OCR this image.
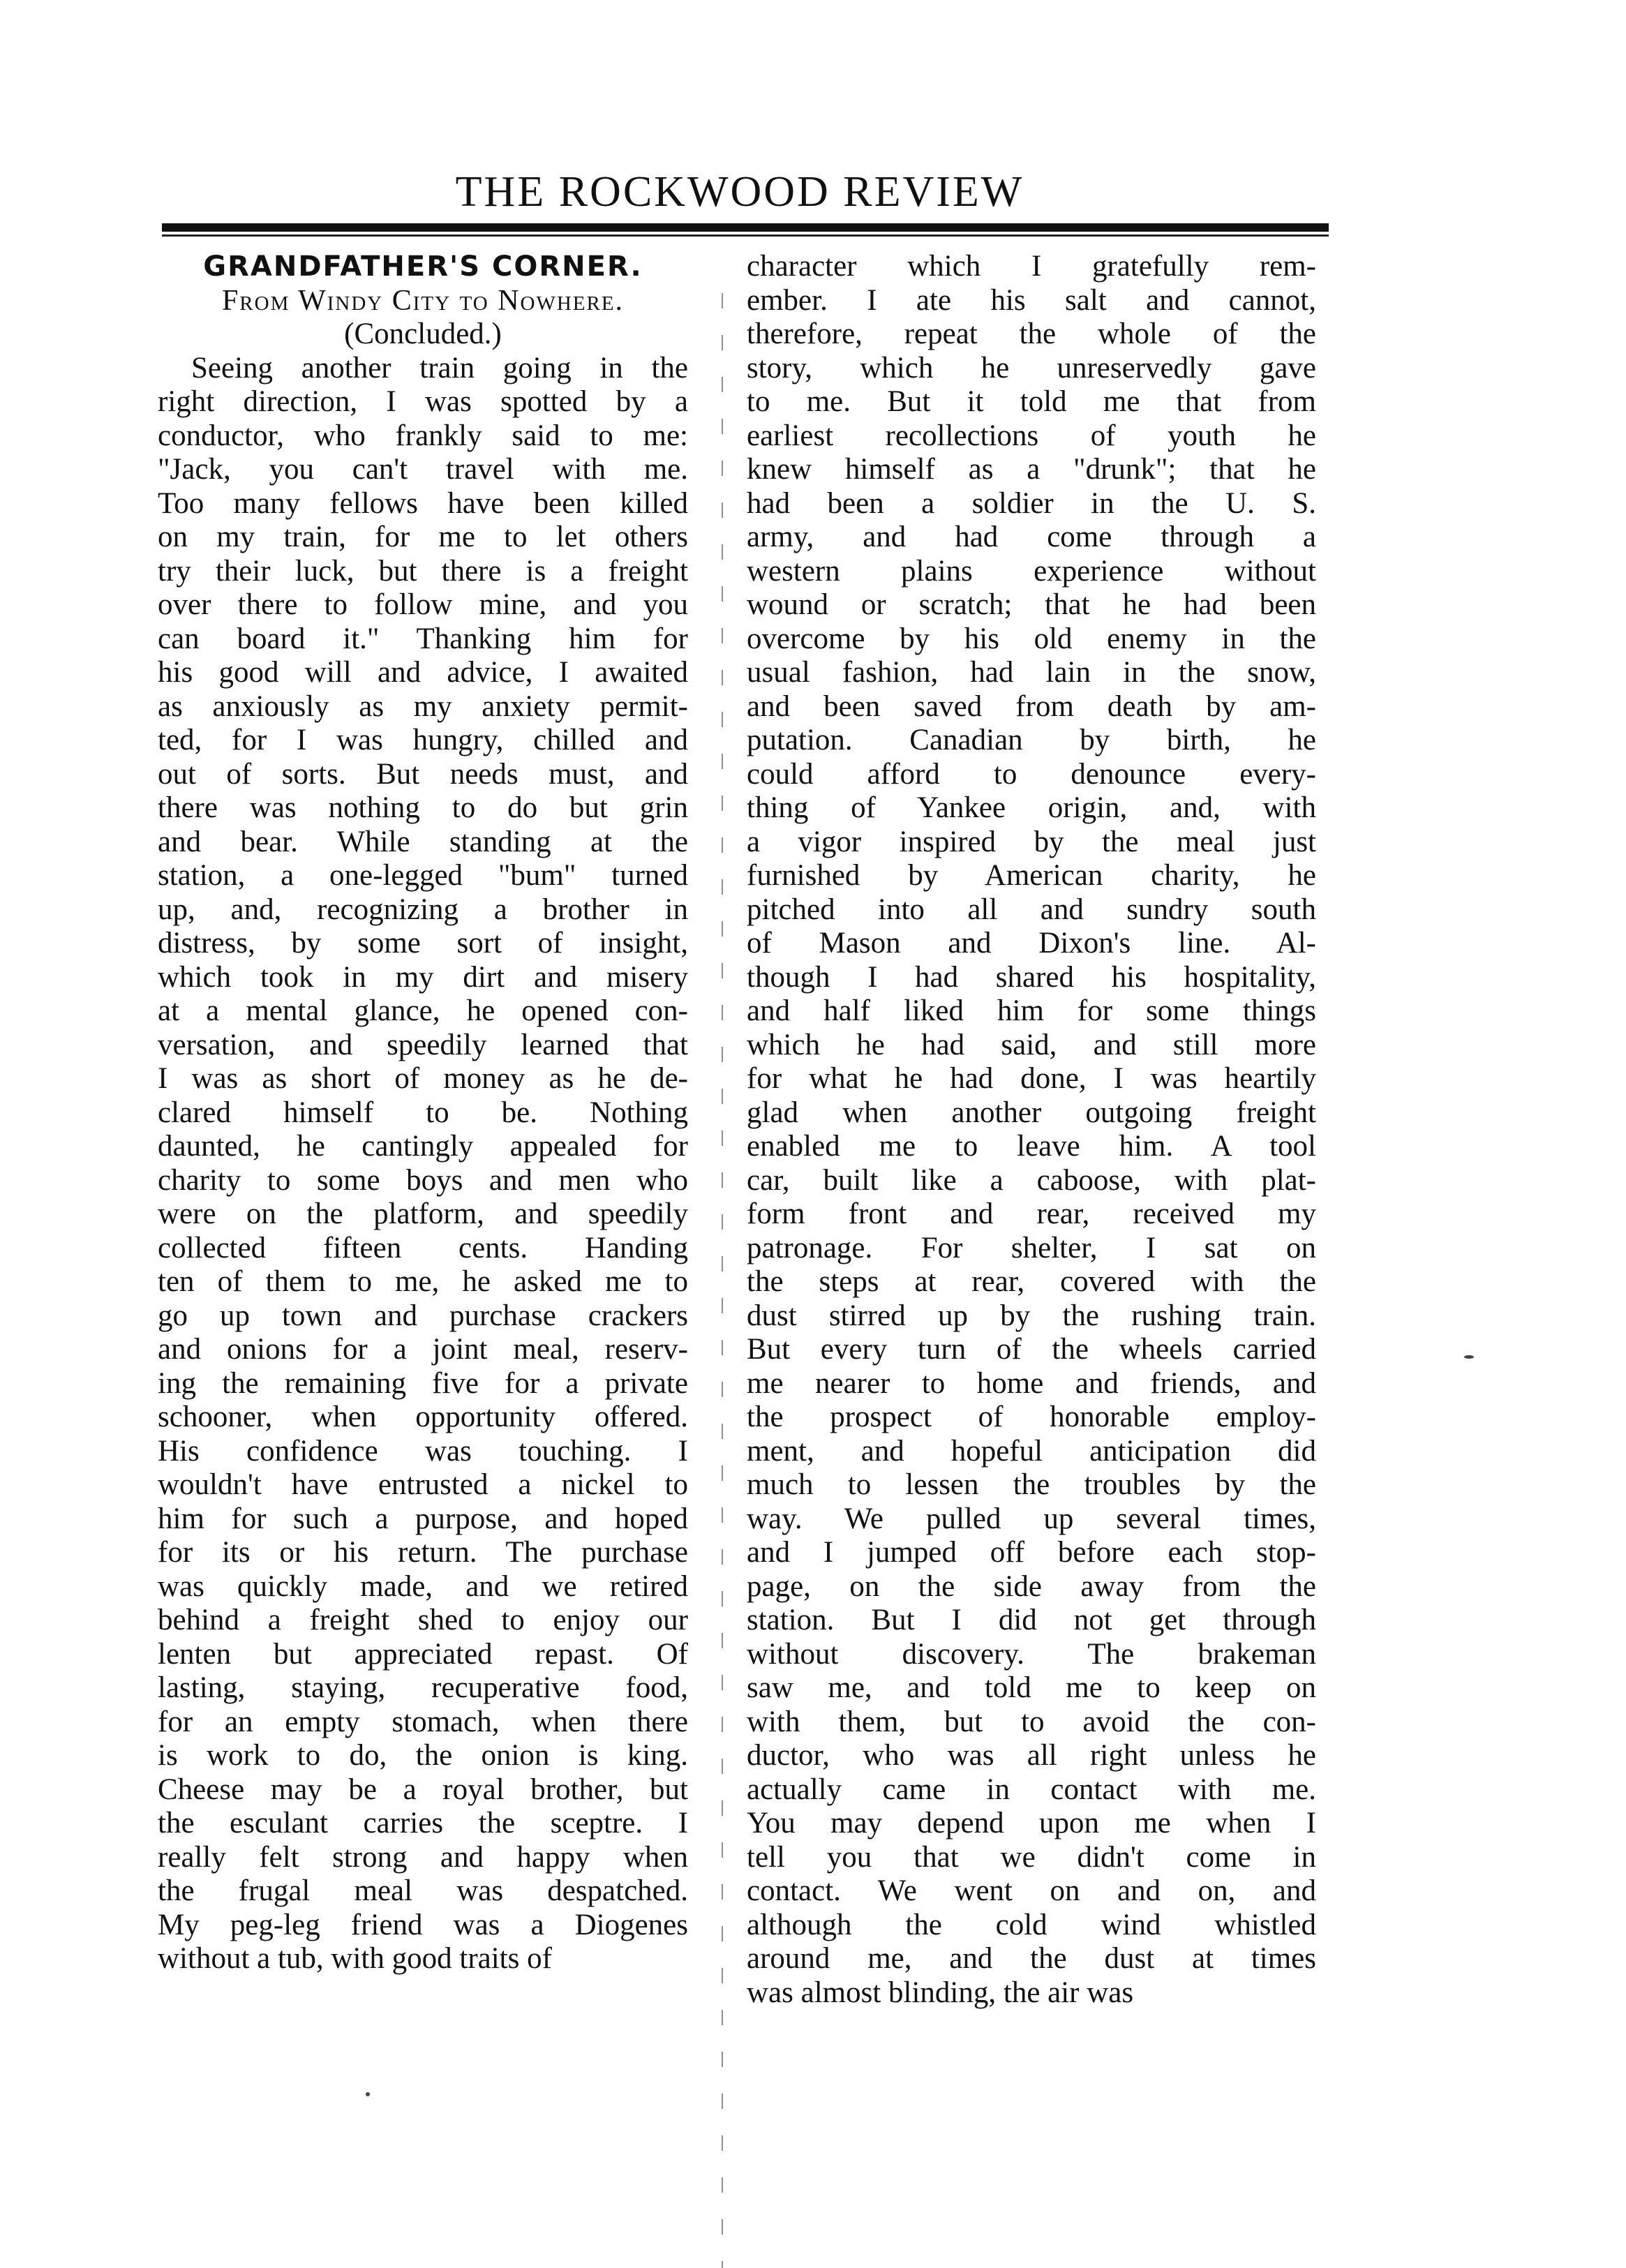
THE ROCKWOOD REVIEW
GRANDFATHER'S CORNER.
From Windy City to Nowhere.
(Concluded.)
Seeing another train going in the
right direction, I was spotted by a
conductor, who frankly said to me:
"Jack, you can't travel with me.
Too many fellows have been killed
on my train, for me to let others
try their luck, but there is a freight
over there to follow mine, and you
can board it." Thanking him for
his good will and advice, I awaited
as anxiously as my anxiety permit-
ted, for I was hungry, chilled and
out of sorts. But needs must, and
there was nothing to do but grin
and bear. While standing at the
station, a one-legged "bum" turned
up, and, recognizing a brother in
distress, by some sort of insight,
which took in my dirt and misery
at a mental glance, he opened con-
versation, and speedily learned that
I was as short of money as he de-
clared himself to be. Nothing
daunted, he cantingly appealed for
charity to some boys and men who
were on the platform, and speedily
collected fifteen cents. Handing
ten of them to me, he asked me to
go up town and purchase crackers
and onions for a joint meal, reserv-
ing the remaining five for a private
schooner, when opportunity offered.
His confidence was touching. I
wouldn't have entrusted a nickel to
him for such a purpose, and hoped
for its or his return. The purchase
was quickly made, and we retired
behind a freight shed to enjoy our
lenten but appreciated repast. Of
lasting, staying, recuperative food,
for an empty stomach, when there
is work to do, the onion is king.
Cheese may be a royal brother, but
the esculant carries the sceptre. I
really felt strong and happy when
the frugal meal was despatched.
My peg-leg friend was a Diogenes
without a tub, with good traits of
character which I gratefully rem-
ember. I ate his salt and cannot,
therefore, repeat the whole of the
story, which he unreservedly gave
to me. But it told me that from
earliest recollections of youth he
knew himself as a "drunk"; that he
had been a soldier in the U. S.
army, and had come through a
western plains experience without
wound or scratch; that he had been
overcome by his old enemy in the
usual fashion, had lain in the snow,
and been saved from death by am-
putation. Canadian by birth, he
could afford to denounce every-
thing of Yankee origin, and, with
a vigor inspired by the meal just
furnished by American charity, he
pitched into all and sundry south
of Mason and Dixon's line. Al-
though I had shared his hospitality,
and half liked him for some things
which he had said, and still more
for what he had done, I was heartily
glad when another outgoing freight
enabled me to leave him. A tool
car, built like a caboose, with plat-
form front and rear, received my
patronage. For shelter, I sat on
the steps at rear, covered with the
dust stirred up by the rushing train.
But every turn of the wheels carried
me nearer to home and friends, and
the prospect of honorable employ-
ment, and hopeful anticipation did
much to lessen the troubles by the
way. We pulled up several times,
and I jumped off before each stop-
page, on the side away from the
station. But I did not get through
without discovery. The brakeman
saw me, and told me to keep on
with them, but to avoid the con-
ductor, who was all right unless he
actually came in contact with me.
You may depend upon me when I
tell you that we didn't come in
contact. We went on and on, and
although the cold wind whistled
around me, and the dust at times
was almost blinding, the air was
